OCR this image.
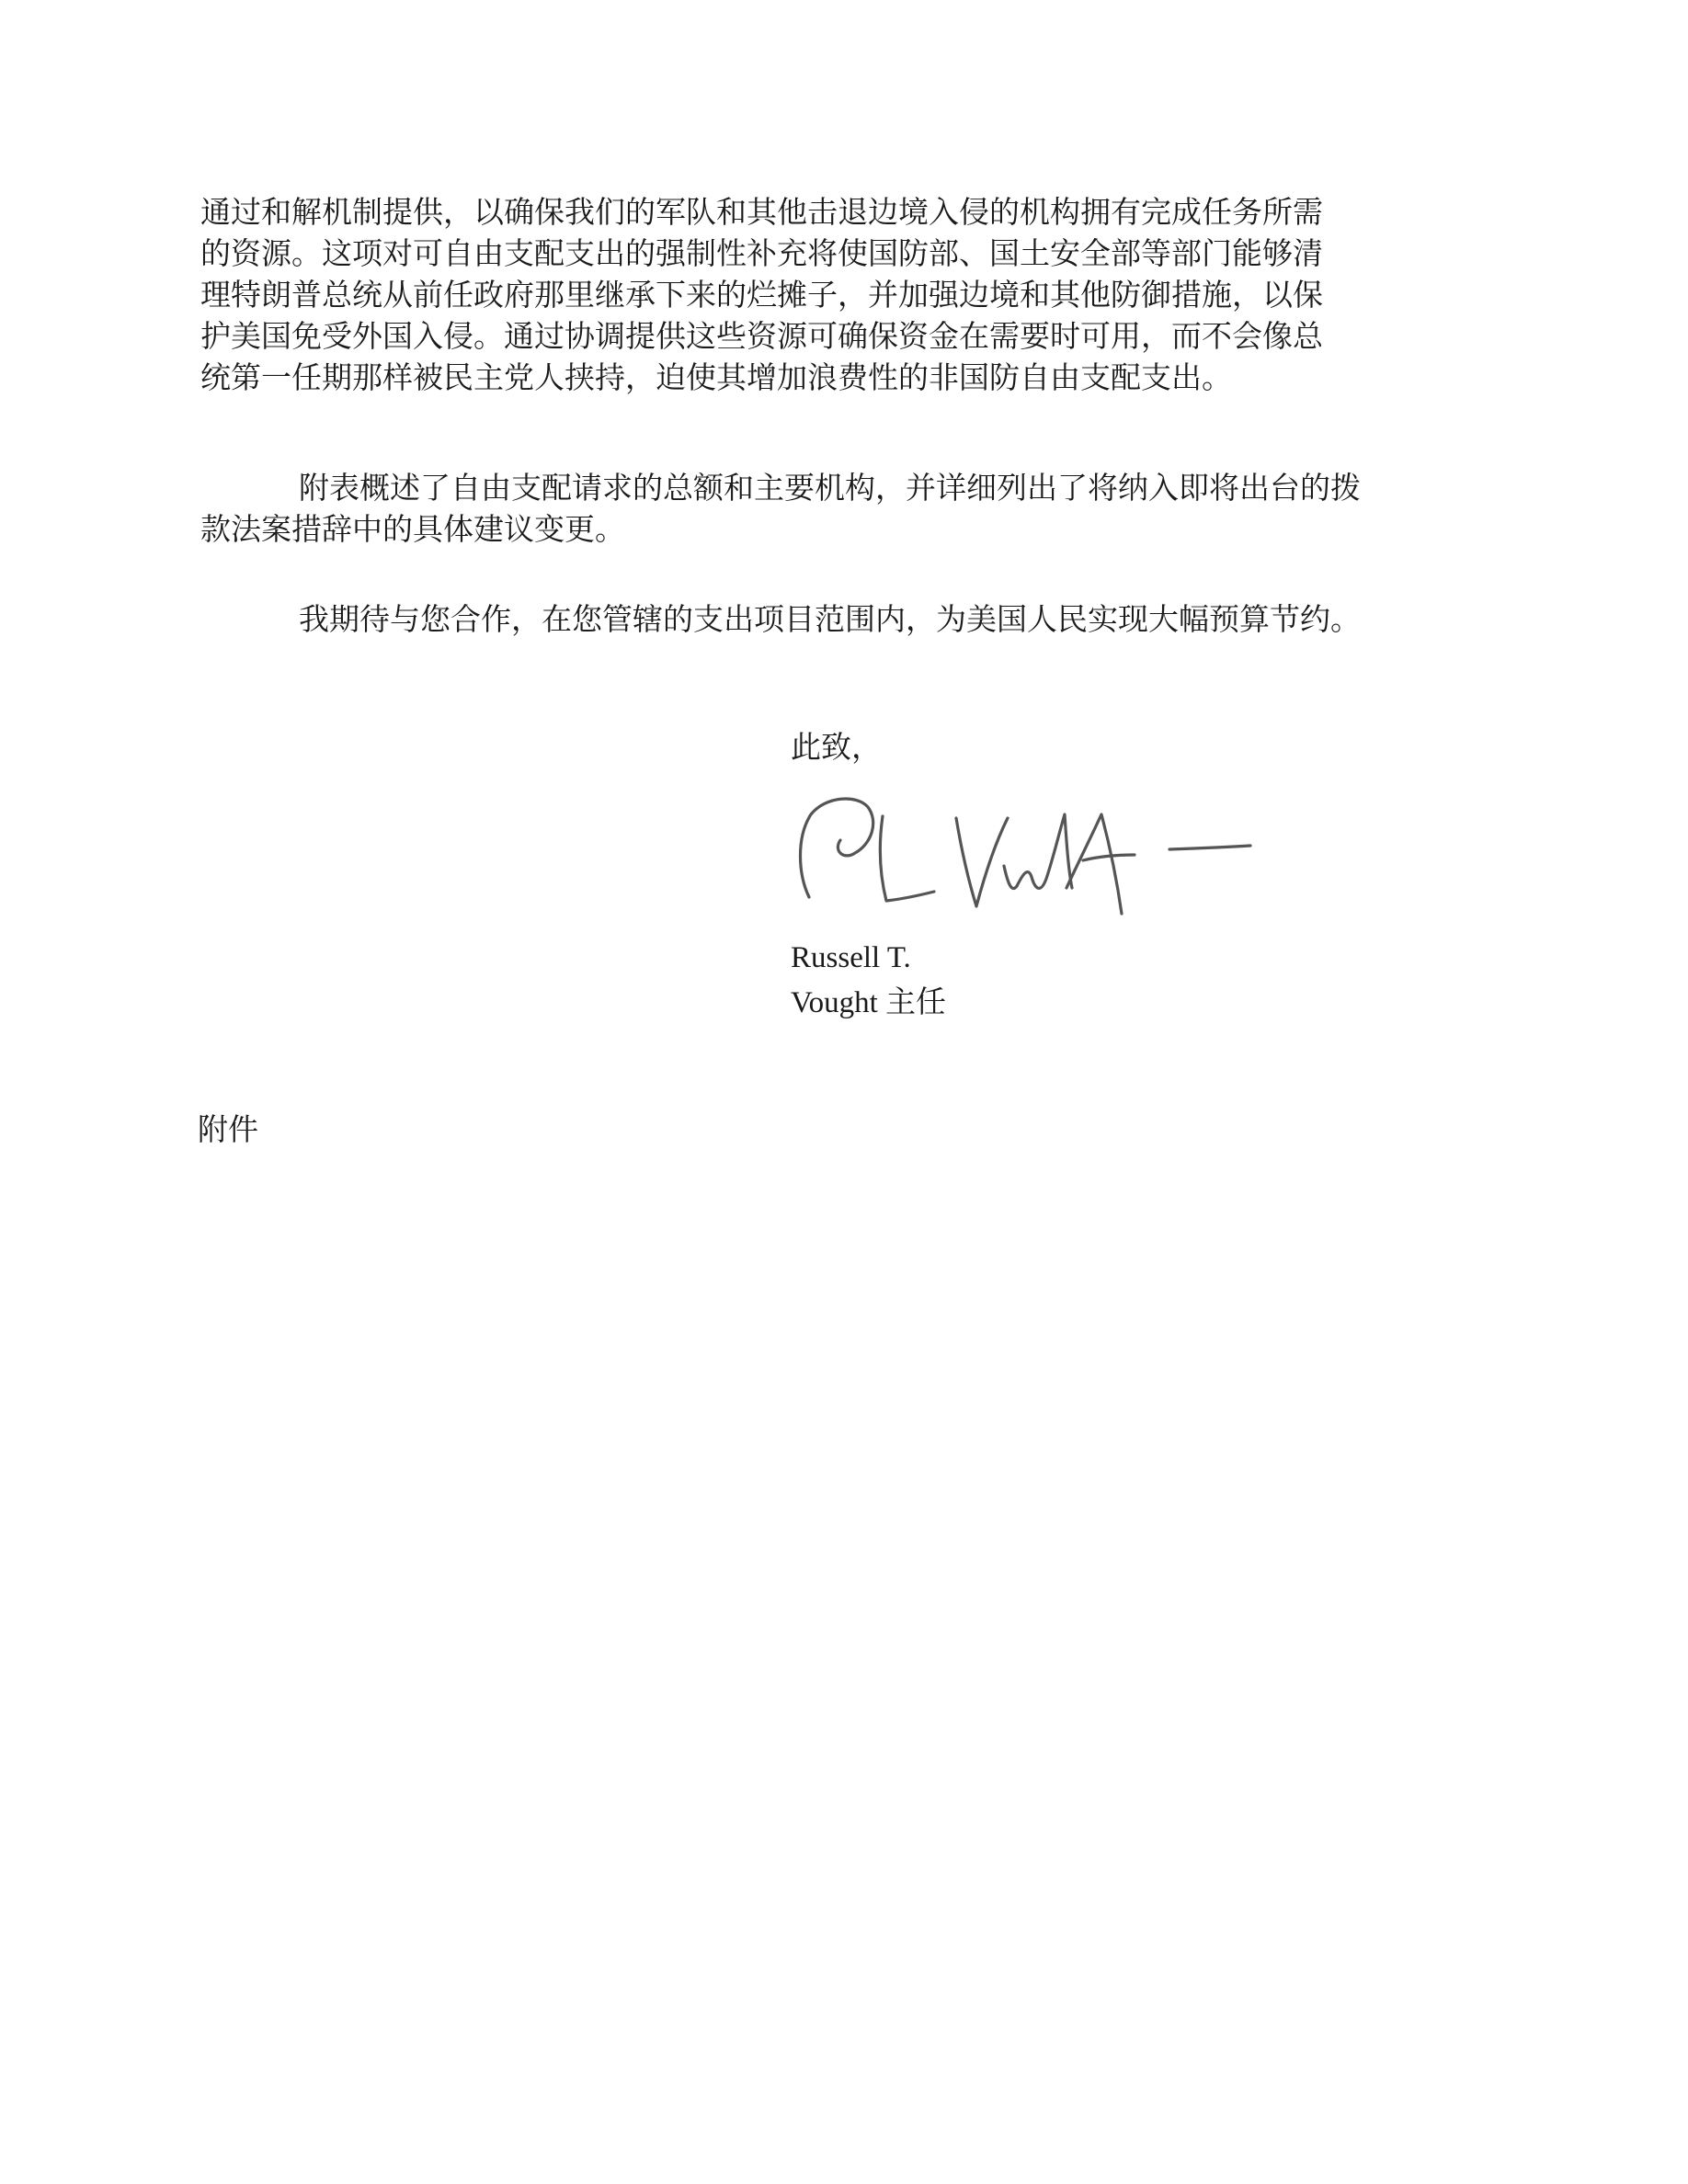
通过和解机制提供，以确保我们的军队和其他击退边境入侵的机构拥有完成任务所需
的资源。这项对可自由支配支出的强制性补充将使国防部、国土安全部等部门能够清
理特朗普总统从前任政府那里继承下来的烂摊子，并加强边境和其他防御措施，以保
护美国免受外国入侵。通过协调提供这些资源可确保资金在需要时可用，而不会像总
统第一任期那样被民主党人挟持，迫使其增加浪费性的非国防自由支配支出。

附表概述了自由支配请求的总额和主要机构，并详细列出了将纳入即将出台的拨
款法案措辞中的具体建议变更。

我期待与您合作，在您管辖的支出项目范围内，为美国人民实现大幅预算节约。

此致，
Russell T.
Vought 主任
附件
